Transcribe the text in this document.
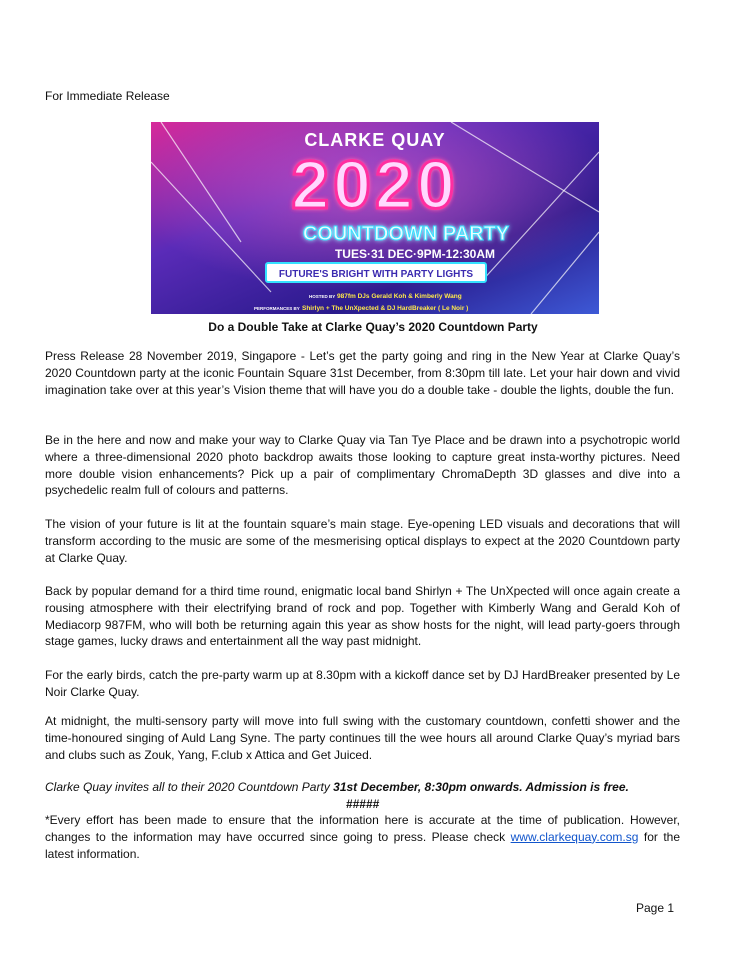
For Immediate Release
CLARKE QUAY
2020
COUNTDOWN PARTY
TUES·31 DEC·9PM-12:30AM
FUTURE'S BRIGHT WITH PARTY LIGHTS
HOSTED BY 987fm DJs Gerald Koh & Kimberly Wang
PERFORMANCES BY Shirlyn + The UnXpected & DJ HardBreaker ( Le Noir )
Do a Double Take at Clarke Quay’s 2020 Countdown Party

Press Release 28 November 2019, Singapore - Let’s get the party going and ring in the New Year at Clarke Quay’s 2020 Countdown party at the iconic Fountain Square 31st December, from 8:30pm till late. Let your hair down and vivid imagination take over at this year’s Vision theme that will have you do a double take - double the lights, double the fun.

Be in the here and now and make your way to Clarke Quay via Tan Tye Place and be drawn into a psychotropic world where a three-dimensional 2020 photo backdrop awaits those looking to capture great insta-worthy pictures. Need more double vision enhancements? Pick up a pair of complimentary ChromaDepth 3D glasses and dive into a psychedelic realm full of colours and patterns.

The vision of your future is lit at the fountain square’s main stage. Eye-opening LED visuals and decorations that will transform according to the music are some of the mesmerising optical displays to expect at the 2020 Countdown party at Clarke Quay.

Back by popular demand for a third time round, enigmatic local band Shirlyn + The UnXpected will once again create a rousing atmosphere with their electrifying brand of rock and pop. Together with Kimberly Wang and Gerald Koh of Mediacorp 987FM, who will both be returning again this year as show hosts for the night, will lead party-goers through stage games, lucky draws and entertainment all the way past midnight.

For the early birds, catch the pre-party warm up at 8.30pm with a kickoff dance set by DJ HardBreaker presented by Le Noir Clarke Quay.

At midnight, the multi-sensory party will move into full swing with the customary countdown, confetti shower and the time-honoured singing of Auld Lang Syne. The party continues till the wee hours all around Clarke Quay’s myriad bars and clubs such as Zouk, Yang, F.club x Attica and Get Juiced.

Clarke Quay invites all to their 2020 Countdown Party 31st December, 8:30pm onwards. Admission is free.
#####

*Every effort has been made to ensure that the information here is accurate at the time of publication. However, changes to the information may have occurred since going to press. Please check www.clarkequay.com.sg for the latest information.

Page 1
